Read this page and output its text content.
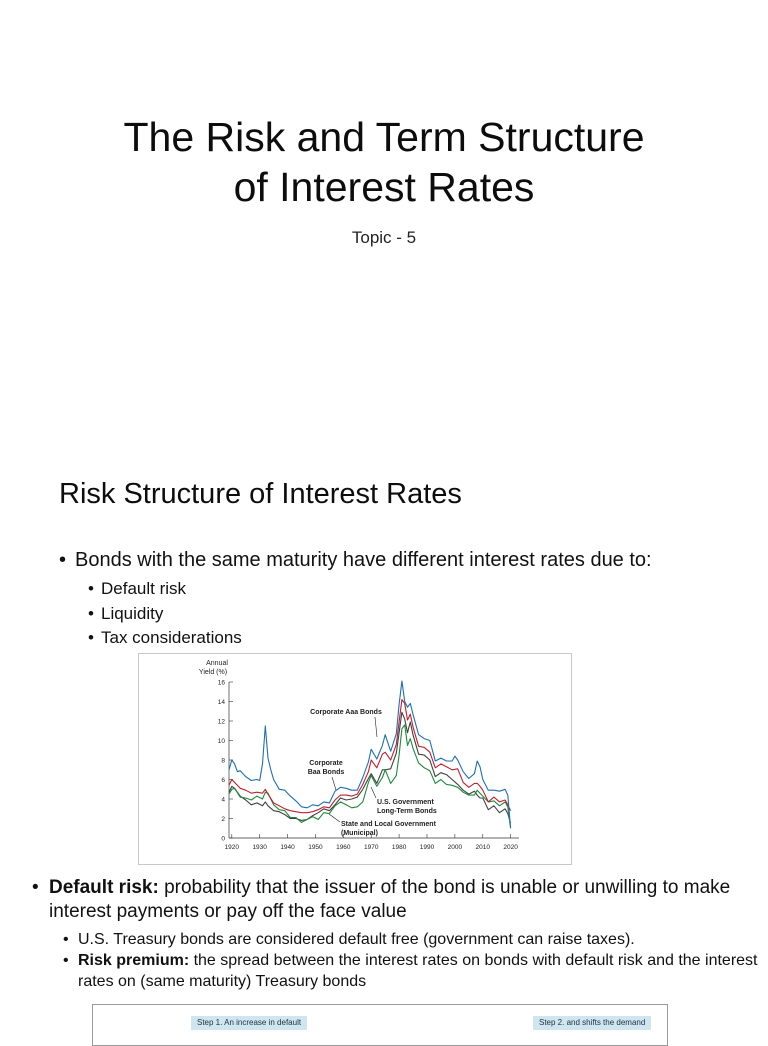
The Risk and Term Structure
of Interest Rates
Topic - 5
Risk Structure of Interest Rates
• Bonds with the same maturity have different interest rates due to:
• Default risk
• Liquidity
• Tax considerations
Annual
Yield (%)
0
2
4
6
8
10
12
14
16
1920 1930 1940 1950 1960 1970 1980 1990 2000 2010 2020
Corporate Aaa Bonds
Corporate
Baa Bonds
U.S. Government
Long-Term Bonds
State and Local Government
(Municipal)
• Default risk: probability that the issuer of the bond is unable or unwilling to make interest payments or pay off the face value
• U.S. Treasury bonds are considered default free (government can raise taxes).
• Risk premium: the spread between the interest rates on bonds with default risk and the interest rates on (same maturity) Treasury bonds
Step 1. An increase in default	Step 2. and shifts the demand
